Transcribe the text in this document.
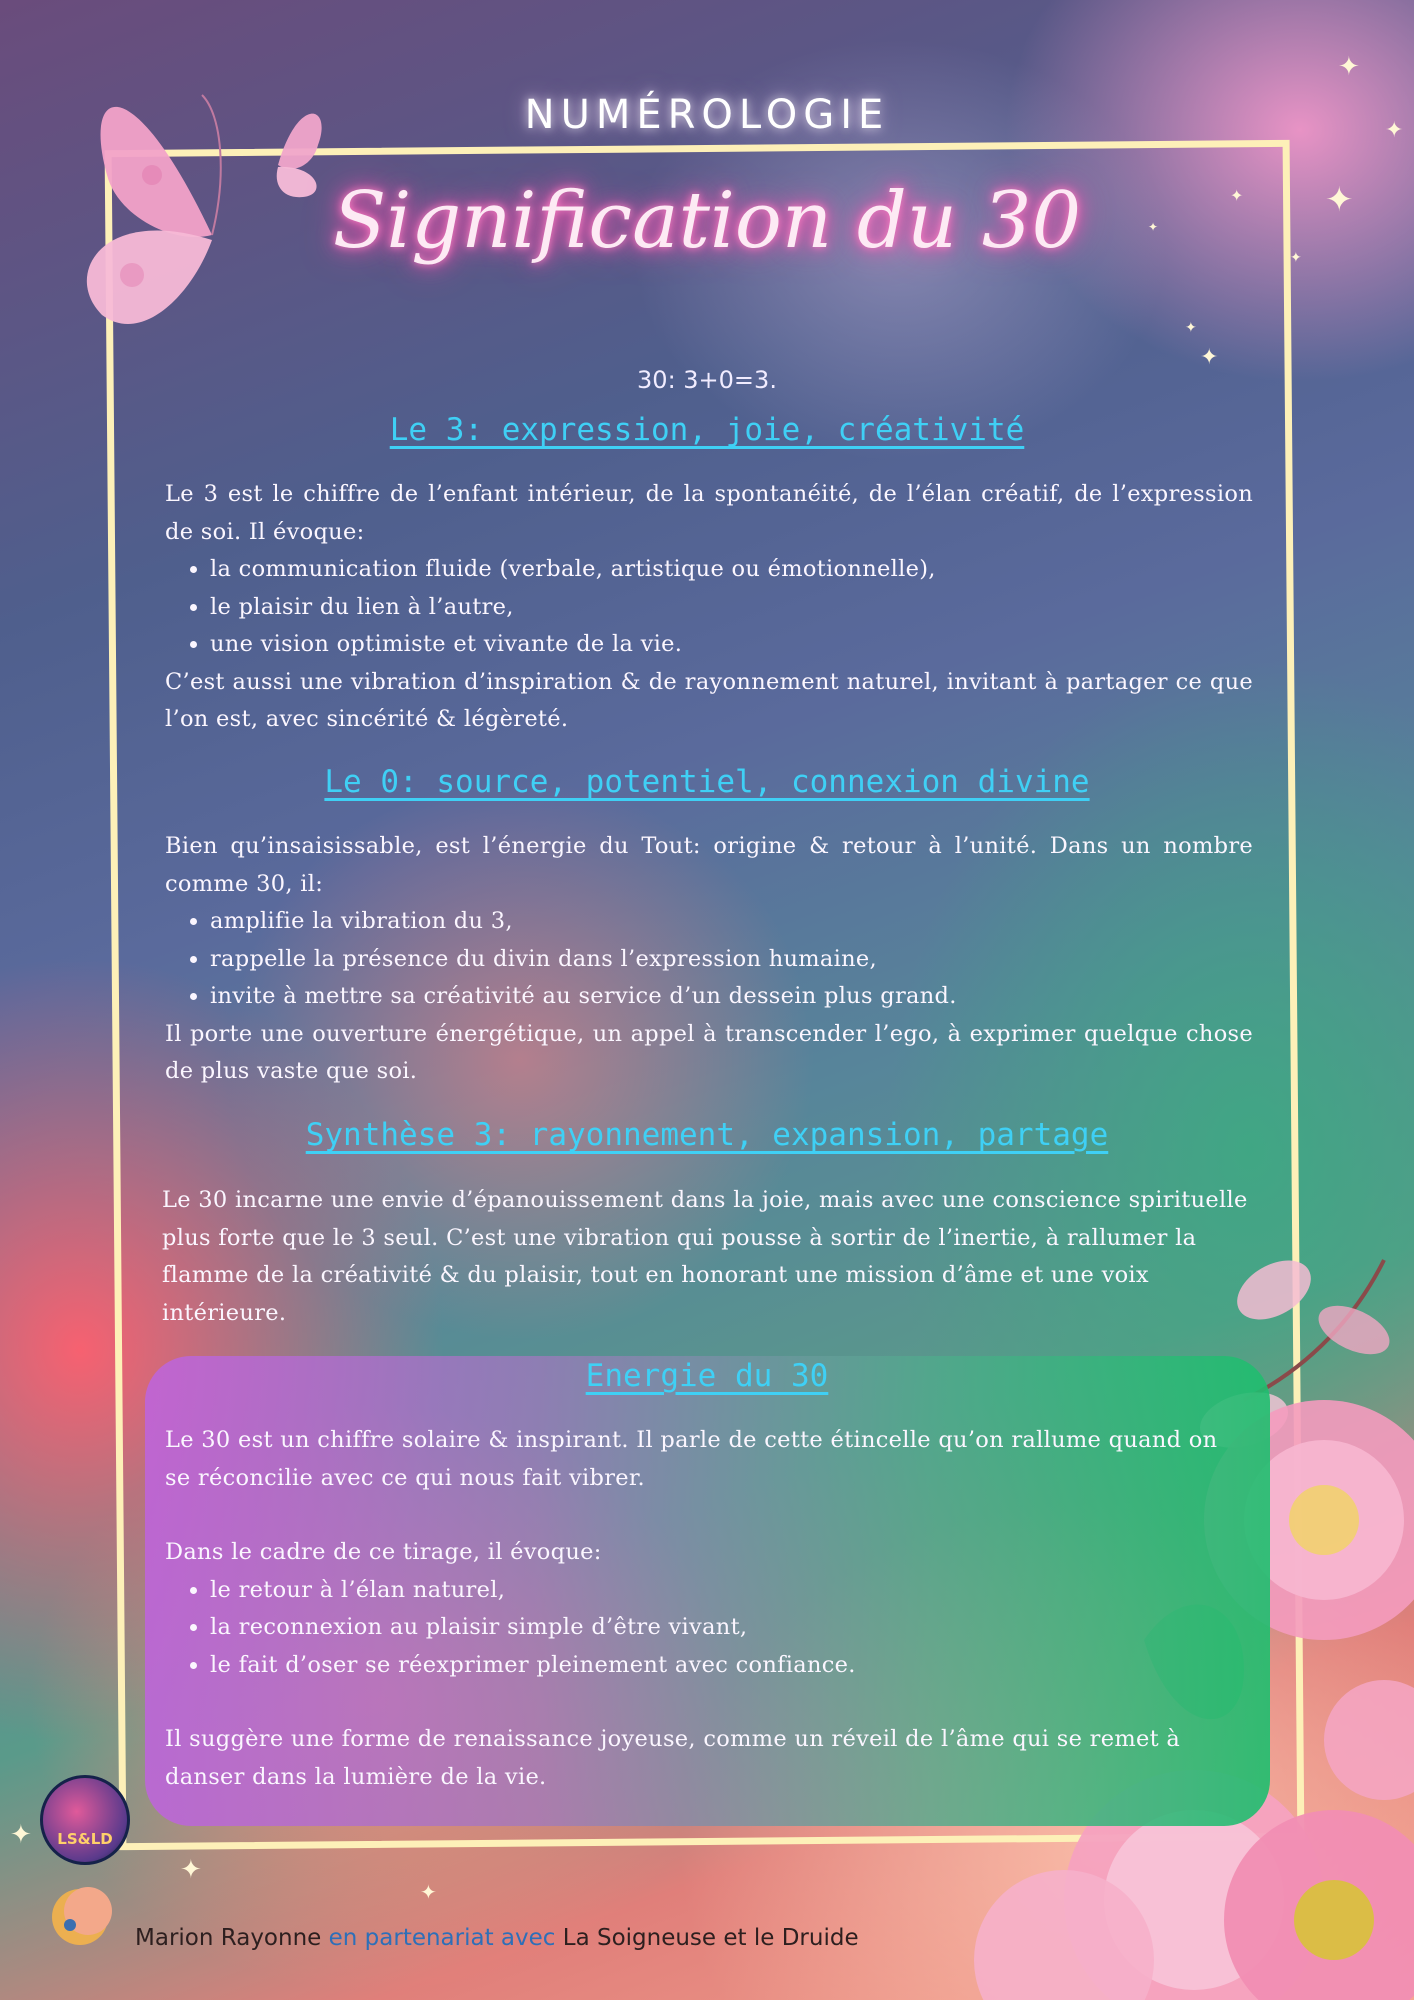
✦
✦
✦
✦
✦
✦
✦
✦
✦
✦
✦
NUMÉROLOGIE
Signification du 30
30: 3+0=3.
Le 3: expression, joie, créativité

Le 3 est le chiffre de l’enfant intérieur, de la spontanéité, de l’élan créatif, de l’expression de soi. Il évoque:

• la communication fluide (verbale, artistique ou émotionnelle),
• le plaisir du lien à l’autre,
• une vision optimiste et vivante de la vie.

C’est aussi une vibration d’inspiration & de rayonnement naturel, invitant à partager ce que l’on est, avec sincérité & légèreté.

Le 0: source, potentiel, connexion divine

Bien qu’insaisissable, est l’énergie du Tout: origine & retour à l’unité. Dans un nombre comme 30, il:

• amplifie la vibration du 3,
• rappelle la présence du divin dans l’expression humaine,
• invite à mettre sa créativité au service d’un dessein plus grand.

Il porte une ouverture énergétique, un appel à transcender l’ego, à exprimer quelque chose de plus vaste que soi.

Synthèse 3: rayonnement, expansion, partage

Le 30 incarne une envie d’épanouissement dans la joie, mais avec une conscience spirituelle plus forte que le 3 seul. C’est une vibration qui pousse à sortir de l’inertie, à rallumer la flamme de la créativité & du plaisir, tout en honorant une mission d’âme et une voix intérieure.

Energie du 30

Le 30 est un chiffre solaire & inspirant. Il parle de cette étincelle qu’on rallume quand on se réconcilie avec ce qui nous fait vibrer.

Dans le cadre de ce tirage, il évoque:

• le retour à l’élan naturel,
• la reconnexion au plaisir simple d’être vivant,
• le fait d’oser se réexprimer pleinement avec confiance.

Il suggère une forme de renaissance joyeuse, comme un réveil de l’âme qui se remet à danser dans la lumière de la vie.

LS&LD
Marion Rayonne en partenariat avec La Soigneuse et le Druide
